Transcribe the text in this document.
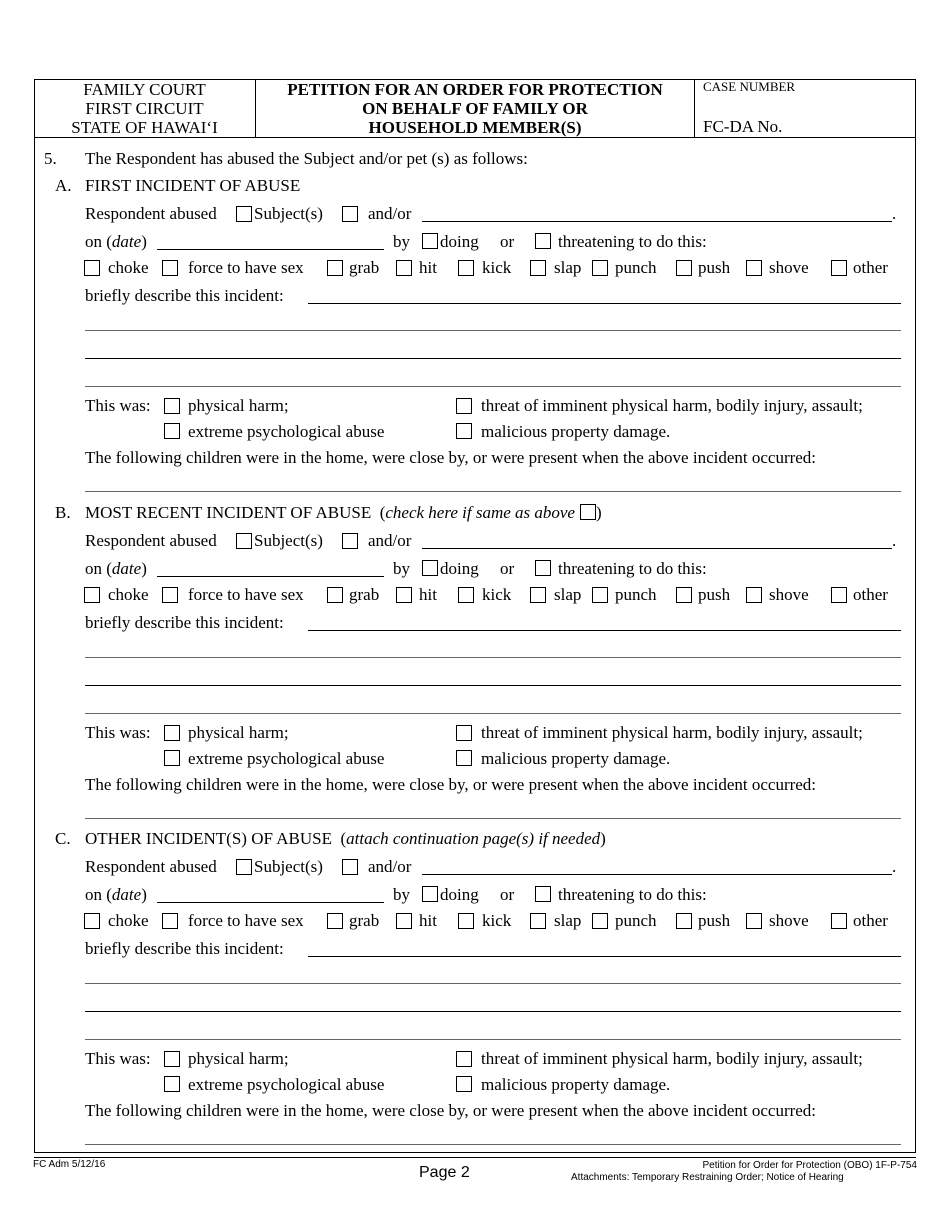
FAMILY COURT
FIRST CIRCUIT
STATE OF HAWAI‘I
PETITION FOR AN ORDER FOR PROTECTION
ON BEHALF OF FAMILY OR
HOUSEHOLD MEMBER(S)
CASE NUMBER
FC-DA No.
5. The Respondent has abused the Subject and/or pet (s) as follows:
A. FIRST INCIDENT OF ABUSE
Respondent abused Subject(s)	and/or	.
on (date)	by doing or	threatening to do this:
choke force to have sex	grab hit	kick	slap punch push shove	other
briefly describe this incident:
This was: physical harm;	threat of imminent physical harm, bodily injury, assault;
extreme psychological abuse	malicious property damage.
The following children were in the home, were close by, or were present when the above incident occurred:
B. MOST RECENT INCIDENT OF ABUSE (check here if same as above )
Respondent abused Subject(s)	and/or	.
on (date)	by doing or	threatening to do this:
choke force to have sex	grab hit	kick	slap punch push shove	other
briefly describe this incident:
This was: physical harm;	threat of imminent physical harm, bodily injury, assault;
extreme psychological abuse	malicious property damage.
The following children were in the home, were close by, or were present when the above incident occurred:
C. OTHER INCIDENT(S) OF ABUSE (attach continuation page(s) if needed)
Respondent abused Subject(s)	and/or	.
on (date)	by doing or	threatening to do this:
choke force to have sex	grab hit	kick	slap punch push shove	other
briefly describe this incident:
This was: physical harm;	threat of imminent physical harm, bodily injury, assault;
extreme psychological abuse	malicious property damage.
The following children were in the home, were close by, or were present when the above incident occurred:
FC Adm 5/12/16	Page 2	Petition for Order for Protection (OBO) 1F-P-754
Attachments: Temporary Restraining Order; Notice of Hearing
